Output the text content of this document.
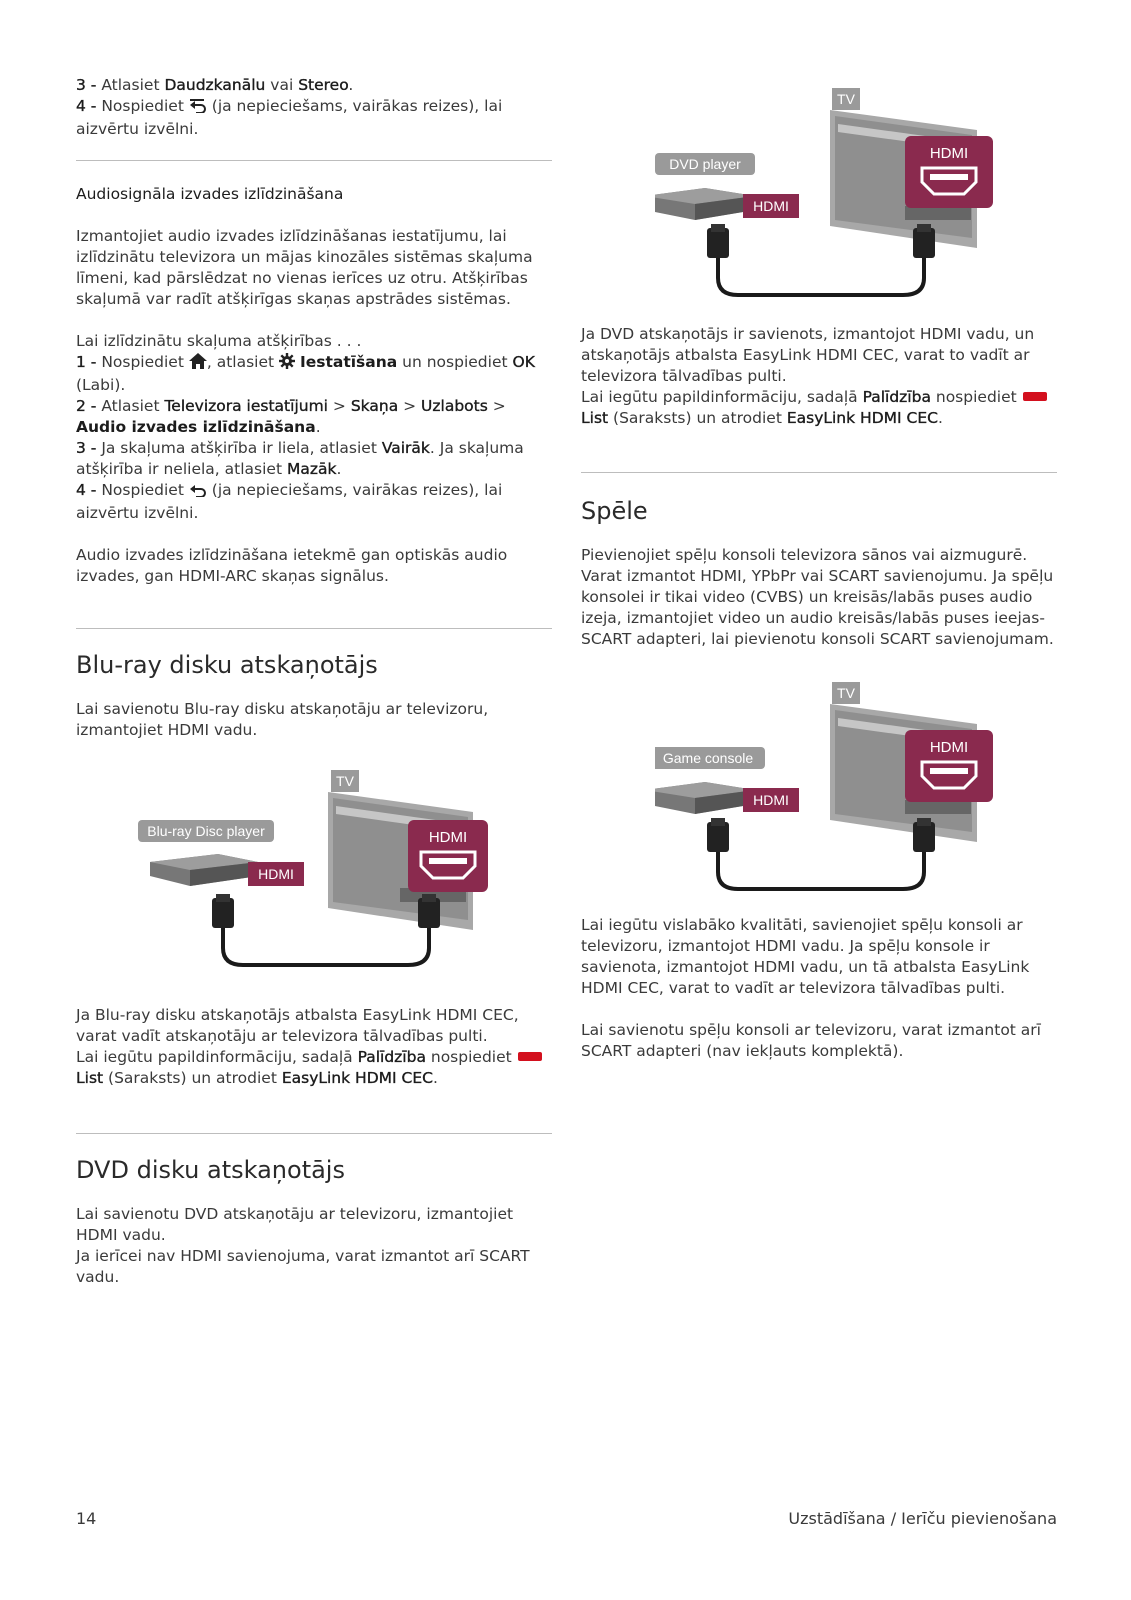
3 - Atlasiet Daudzkanālu vai Stereo.

4 - Nospiediet  (ja nepieciešams, vairākas reizes), lai aizvērtu izvēlni.

Audiosignāla izvades izlīdzināšana

Izmantojiet audio izvades izlīdzināšanas iestatījumu, lai izlīdzinātu televizora un mājas kinozāles sistēmas skaļuma līmeni, kad pārslēdzat no vienas ierīces uz otru. Atšķirības skaļumā var radīt atšķirīgas skaņas apstrādes sistēmas.

Lai izlīdzinātu skaļuma atšķirības . . .

1 - Nospiediet , atlasiet Iestatīšana un nospiediet OK (Labi).

2 - Atlasiet Televizora iestatījumi > Skaņa > Uzlabots > Audio izvades izlīdzināšana.

3 - Ja skaļuma atšķirība ir liela, atlasiet Vairāk. Ja skaļuma atšķirība ir neliela, atlasiet Mazāk.

4 - Nospiediet  (ja nepieciešams, vairākas reizes), lai aizvērtu izvēlni.

Audio izvades izlīdzināšana ietekmē gan optiskās audio izvades, gan HDMI-ARC skaņas signālus.

Blu-ray disku atskaņotājs

Lai savienotu Blu-ray disku atskaņotāju ar televizoru, izmantojiet HDMI vadu.

TV
HDMI
Blu-ray Disc player
HDMI

Ja Blu-ray disku atskaņotājs atbalsta EasyLink HDMI CEC, varat vadīt atskaņotāju ar televizora tālvadības pulti.

Lai iegūtu papildinformāciju, sadaļā Palīdzība nospiedietList (Saraksts) un atrodiet EasyLink HDMI CEC.

DVD disku atskaņotājs

Lai savienotu DVD atskaņotāju ar televizoru, izmantojiet HDMI vadu.

Ja ierīcei nav HDMI savienojuma, varat izmantot arī SCART vadu.

TV
HDMI
DVD player
HDMI

Ja DVD atskaņotājs ir savienots, izmantojot HDMI vadu, un atskaņotājs atbalsta EasyLink HDMI CEC, varat to vadīt ar televizora tālvadības pulti.

Lai iegūtu papildinformāciju, sadaļā Palīdzība nospiedietList (Saraksts) un atrodiet EasyLink HDMI CEC.

Spēle

Pievienojiet spēļu konsoli televizora sānos vai aizmugurē. Varat izmantot HDMI, YPbPr vai SCART savienojumu. Ja spēļu konsolei ir tikai video (CVBS) un kreisās/labās puses audio izeja, izmantojiet video un audio kreisās/labās puses ieejas-SCART adapteri, lai pievienotu konsoli SCART savienojumam.

TV
HDMI
Game console
HDMI

Lai iegūtu vislabāko kvalitāti, savienojiet spēļu konsoli ar televizoru, izmantojot HDMI vadu. Ja spēļu konsole ir savienota, izmantojot HDMI vadu, un tā atbalsta EasyLink HDMI CEC, varat to vadīt ar televizora tālvadības pulti.

Lai savienotu spēļu konsoli ar televizoru, varat izmantot arī SCART adapteri (nav iekļauts komplektā).

14	Uzstādīšana / Ierīču pievienošana
